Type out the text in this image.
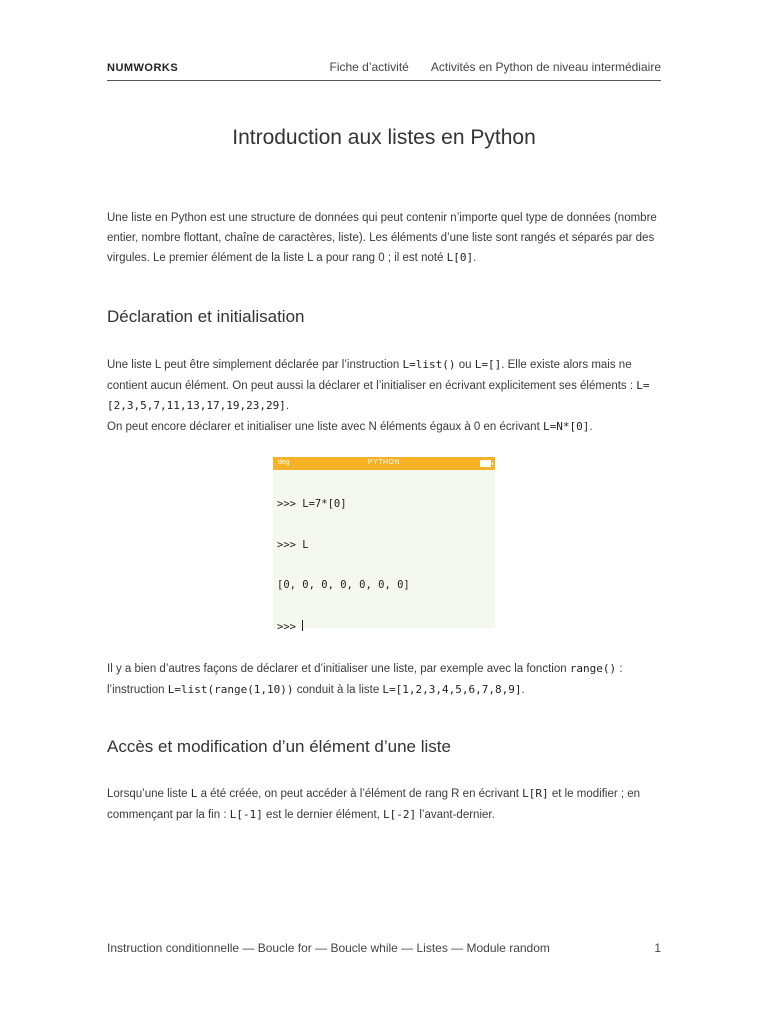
NUMWORKS	Fiche d’activité Activités en Python de niveau intermédiaire
Introduction aux listes en Python

Une liste en Python est une structure de données qui peut contenir n’importe quel type de données (nombre entier, nombre flottant, chaîne de caractères, liste). Les éléments d’une liste sont rangés et séparés par des virgules. Le premier élément de la liste L a pour rang 0 ; il est noté L[0].

Déclaration et initialisation

Une liste L peut être simplement déclarée par l’instruction L=list() ou L=[]. Elle existe alors mais ne contient aucun élément. On peut aussi la déclarer et l’initialiser en écrivant explicitement ses éléments : L=[2,3,5,7,11,13,17,19,23,29].
On peut encore déclarer et initialiser une liste avec N éléments égaux à 0 en écrivant L=N*[0].

deg	PYTHON

>>> L=7*[0]

>>> L

[0, 0, 0, 0, 0, 0, 0]

>>>

Il y a bien d’autres façons de déclarer et d’initialiser une liste, par exemple avec la fonction range() : l’instruction L=list(range(1,10)) conduit à la liste L=[1,2,3,4,5,6,7,8,9].

Accès et modification d’un élément d’une liste

Lorsqu’une liste L a été créée, on peut accéder à l’élément de rang R en écrivant L[R] et le modifier ; en commençant par la fin : L[-1] est le dernier élément, L[-2] l’avant-dernier.

Instruction conditionnelle — Boucle for — Boucle while — Listes — Module random	1
